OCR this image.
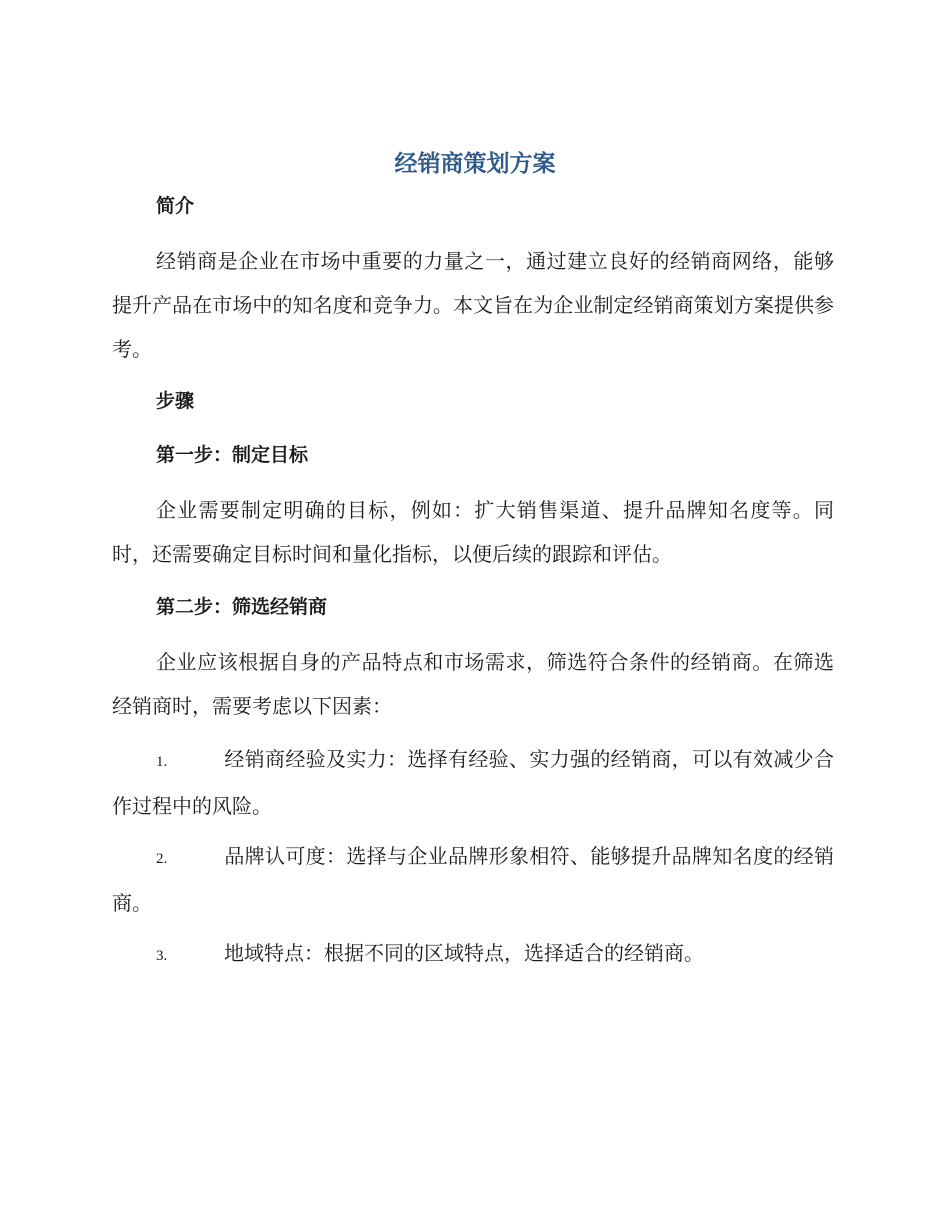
经销商策划方案
简介

经销商是企业在市场中重要的力量之一，通过建立良好的经销商网络，能够提升产品在市场中的知名度和竞争力。本文旨在为企业制定经销商策划方案提供参考。

步骤
第一步：制定目标

企业需要制定明确的目标，例如：扩大销售渠道、提升品牌知名度等。同时，还需要确定目标时间和量化指标，以便后续的跟踪和评估。

第二步：筛选经销商

企业应该根据自身的产品特点和市场需求，筛选符合条件的经销商。在筛选经销商时，需要考虑以下因素：

1.	经销商经验及实力：选择有经验、实力强的经销商，可以有效减少合作过程中的风险。

2.	品牌认可度：选择与企业品牌形象相符、能够提升品牌知名度的经销商。

3.	地域特点：根据不同的区域特点，选择适合的经销商。
